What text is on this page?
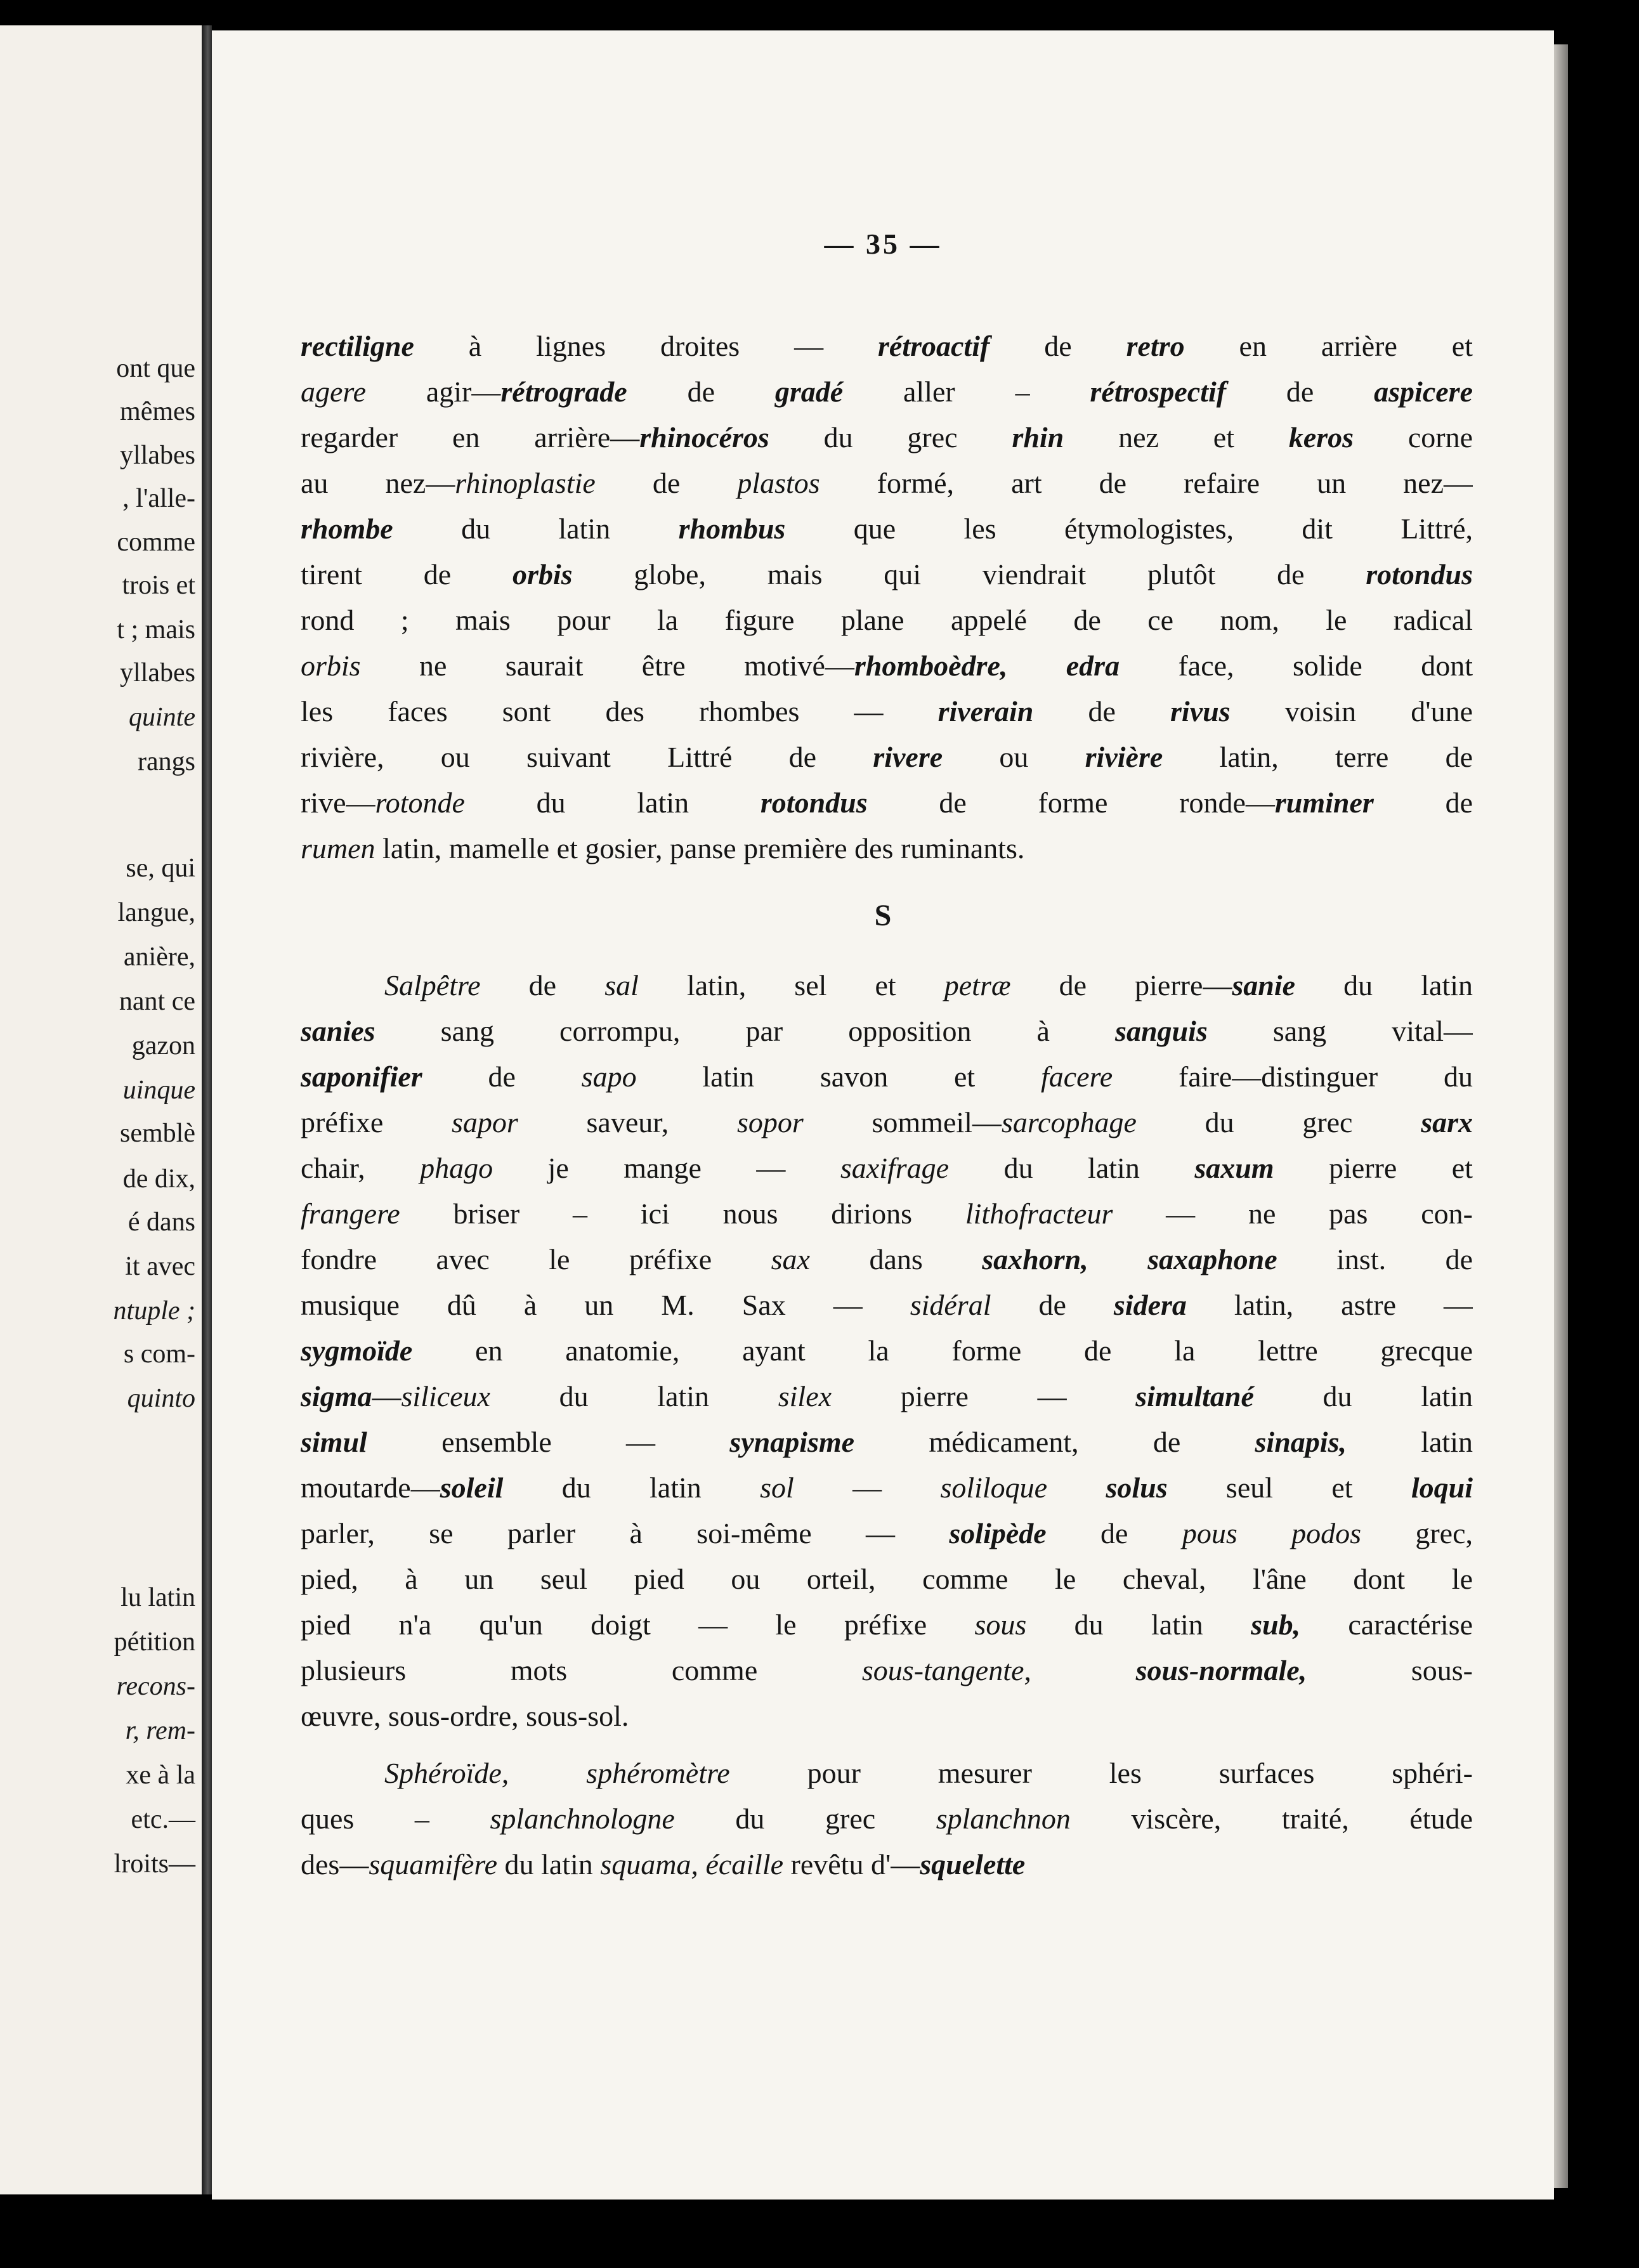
ont que
mêmes
yllabes
, l'alle-
comme
trois et
t ; mais
yllabes
quinte
rangs
se, qui
langue,
anière,
nant ce
gazon
uinque
semblè
de dix,
é dans
it avec
ntuple ;
s com-
quinto
lu latin
pétition
recons-
r, rem-
xe à la
etc.—
lroits—
— 35 —
rectiligne à lignes droites — rétroactif de retro en arrière et
agere agir—rétrograde de gradé aller – rétrospectif de aspicere
regarder en arrière—rhinocéros du grec rhin nez et keros corne
au nez—rhinoplastie de plastos formé, art de refaire un nez—
rhombe du latin rhombus que les étymologistes, dit Littré,
tirent de orbis globe, mais qui viendrait plutôt de rotondus
rond ; mais pour la figure plane appelé de ce nom, le radical
orbis ne saurait être motivé—rhomboèdre, edra face, solide dont
les faces sont des rhombes — riverain de rivus voisin d'une
rivière, ou suivant Littré de rivere ou rivière latin, terre de
rive—rotonde du latin rotondus de forme ronde—ruminer de
rumen latin, mamelle et gosier, panse première des ruminants.
S
Salpêtre de sal latin, sel et petræ de pierre—sanie du latin
sanies sang corrompu, par opposition à sanguis sang vital—
saponifier de sapo latin savon et facere faire—distinguer du
préfixe sapor saveur, sopor sommeil—sarcophage du grec sarx
chair, phago je mange — saxifrage du latin saxum pierre et
frangere briser – ici nous dirions lithofracteur — ne pas con-
fondre avec le préfixe sax dans saxhorn, saxaphone inst. de
musique dû à un M. Sax — sidéral de sidera latin, astre —
sygmoïde en anatomie, ayant la forme de la lettre grecque
sigma—siliceux du latin silex pierre — simultané du latin
simul ensemble — synapisme médicament, de sinapis, latin
moutarde—soleil du latin sol — soliloque solus seul et loqui
parler, se parler à soi-même — solipède de pous podos grec,
pied, à un seul pied ou orteil, comme le cheval, l'âne dont le
pied n'a qu'un doigt — le préfixe sous du latin sub, caractérise
plusieurs mots comme sous-tangente,	sous-normale, sous-
œuvre, sous-ordre, sous-sol.
Sphéroïde,	sphéromètre pour mesurer les surfaces sphéri-
ques – splanchnologne du grec splanchnon viscère, traité, étude
des—squamifère du latin squama, écaille revêtu d'—squelette
